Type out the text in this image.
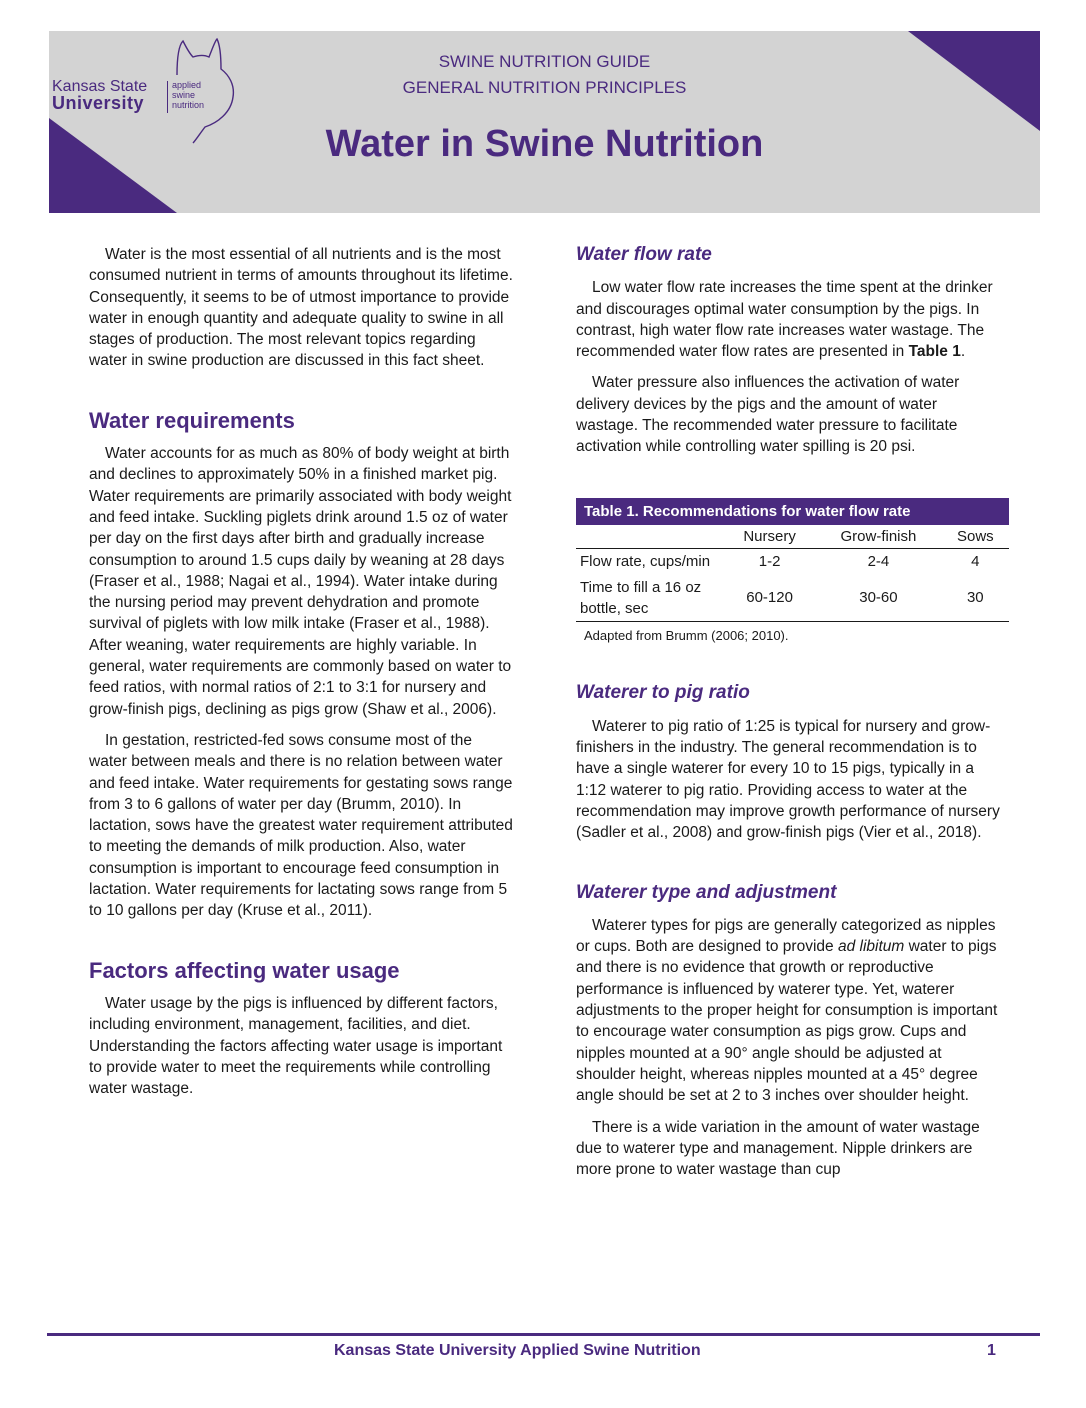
Kansas State
University
applied
swine
nutrition
SWINE NUTRITION GUIDE
GENERAL NUTRITION PRINCIPLES
Water in Swine Nutrition

Water is the most essential of all nutrients and is the most consumed nutrient in terms of amounts throughout its lifetime. Consequently, it seems to be of utmost importance to provide water in enough quantity and adequate quality to swine in all stages of production. The most relevant topics regarding water in swine production are discussed in this fact sheet.

Water requirements

Water accounts for as much as 80% of body weight at birth and declines to approximately 50% in a finished market pig. Water requirements are primarily associated with body weight and feed intake. Suckling piglets drink around 1.5 oz of water per day on the first days after birth and gradually increase consumption to around 1.5 cups daily by weaning at 28 days (Fraser et al., 1988; Nagai et al., 1994). Water intake during the nursing period may prevent dehydration and promote survival of piglets with low milk intake (Fraser et al., 1988). After weaning, water requirements are highly variable. In general, water requirements are commonly based on water to feed ratios, with normal ratios of 2:1 to 3:1 for nursery and grow-finish pigs, declining as pigs grow (Shaw et al., 2006).

In gestation, restricted-fed sows consume most of the water between meals and there is no relation between water and feed intake. Water requirements for gestating sows range from 3 to 6 gallons of water per day (Brumm, 2010). In lactation, sows have the greatest water requirement attributed to meeting the demands of milk production. Also, water consumption is important to encourage feed consumption in lactation. Water requirements for lactating sows range from 5 to 10 gallons per day (Kruse et al., 2011).

Factors affecting water usage

Water usage by the pigs is influenced by different factors, including environment, management, facilities, and diet. Understanding the factors affecting water usage is important to provide water to meet the requirements while controlling water wastage.

Water flow rate

Low water flow rate increases the time spent at the drinker and discourages optimal water consumption by the pigs. In contrast, high water flow rate increases water wastage. The recommended water flow rates are presented in Table 1.

Water pressure also influences the activation of water delivery devices by the pigs and the amount of water wastage. The recommended water pressure to facilitate activation while controlling water spilling is 20 psi.

Table 1. Recommendations for water flow rate
	Nursery	Grow-finish	Sows
Flow rate, cups/min	1-2	2-4	4
Time to fill a 16 oz bottle, sec	60-120	30-60	30
Adapted from Brumm (2006; 2010).
Waterer to pig ratio

Waterer to pig ratio of 1:25 is typical for nursery and grow-finishers in the industry. The general recommendation is to have a single waterer for every 10 to 15 pigs, typically in a 1:12 waterer to pig ratio. Providing access to water at the recommendation may improve growth performance of nursery (Sadler et al., 2008) and grow-finish pigs (Vier et al., 2018).

Waterer type and adjustment

Waterer types for pigs are generally categorized as nipples or cups. Both are designed to provide ad libitum water to pigs and there is no evidence that growth or reproductive performance is influenced by waterer type. Yet, waterer adjustments to the proper height for consumption is important to encourage water consumption as pigs grow. Cups and nipples mounted at a 90° angle should be adjusted at shoulder height, whereas nipples mounted at a 45° degree angle should be set at 2 to 3 inches over shoulder height.

There is a wide variation in the amount of water wastage due to waterer type and management. Nipple drinkers are more prone to water wastage than cup

Kansas State University Applied Swine Nutrition	1
